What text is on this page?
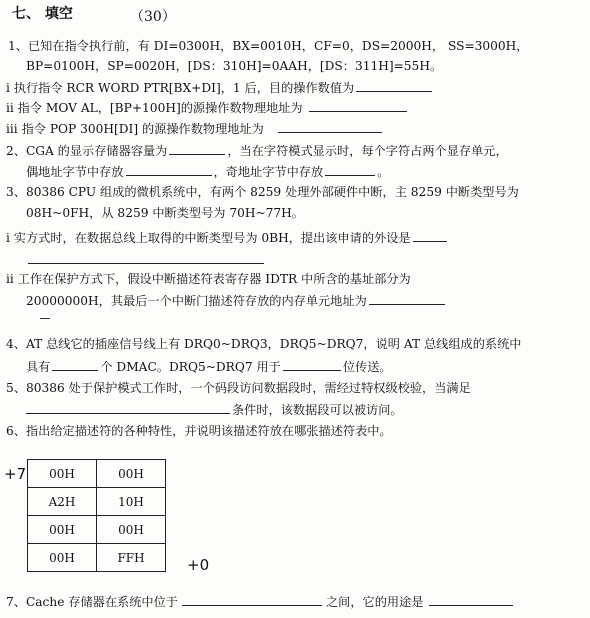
七、 填空	（30）
1、已知在指令执行前，有 DI=0300H，BX=0010H，CF=0，DS=2000H， SS=3000H，
BP=0100H，SP=0020H，[DS：310H]=0AAH，[DS：311H]=55H。
i 执行指令 RCR WORD PTR[BX+DI]，1 后，目的操作数值为
ii 指令 MOV AL，[BP+100H]的源操作数物理地址为
iii 指令 POP 300H[DI] 的源操作数物理地址为
2、CGA 的显示存储器容量为	，当在字符模式显示时，每个字符占两个显存单元，
偶地址字节中存放	，奇地址字节中存放	。
3、80386 CPU 组成的微机系统中，有两个 8259 处理外部硬件中断，主 8259 中断类型号为
08H~0FH，从 8259 中断类型号为 70H~77H。
i 实方式时，在数据总线上取得的中断类型号为 0BH，提出该申请的外设是
ii 工作在保护方式下，假设中断描述符表寄存器 IDTR 中所含的基址部分为
20000000H，其最后一个中断门描述符存放的内存单元地址为
4、AT 总线它的插座信号线上有 DRQ0~DRQ3，DRQ5~DRQ7，说明 AT 总线组成的系统中
具有	个 DMAC。DRQ5~DRQ7 用于	位传送。
5、80386 处于保护模式工作时，一个码段访问数据段时，需经过特权级校验，当满足
条件时，该数据段可以被访问。
6、指出给定描述符的各种特性，并说明该描述符放在哪张描述符表中。
+7 00H	00H
A2H	10H
00H	00H
00H	FFH	+0
7、Cache 存储器在系统中位于	之间，它的用途是
